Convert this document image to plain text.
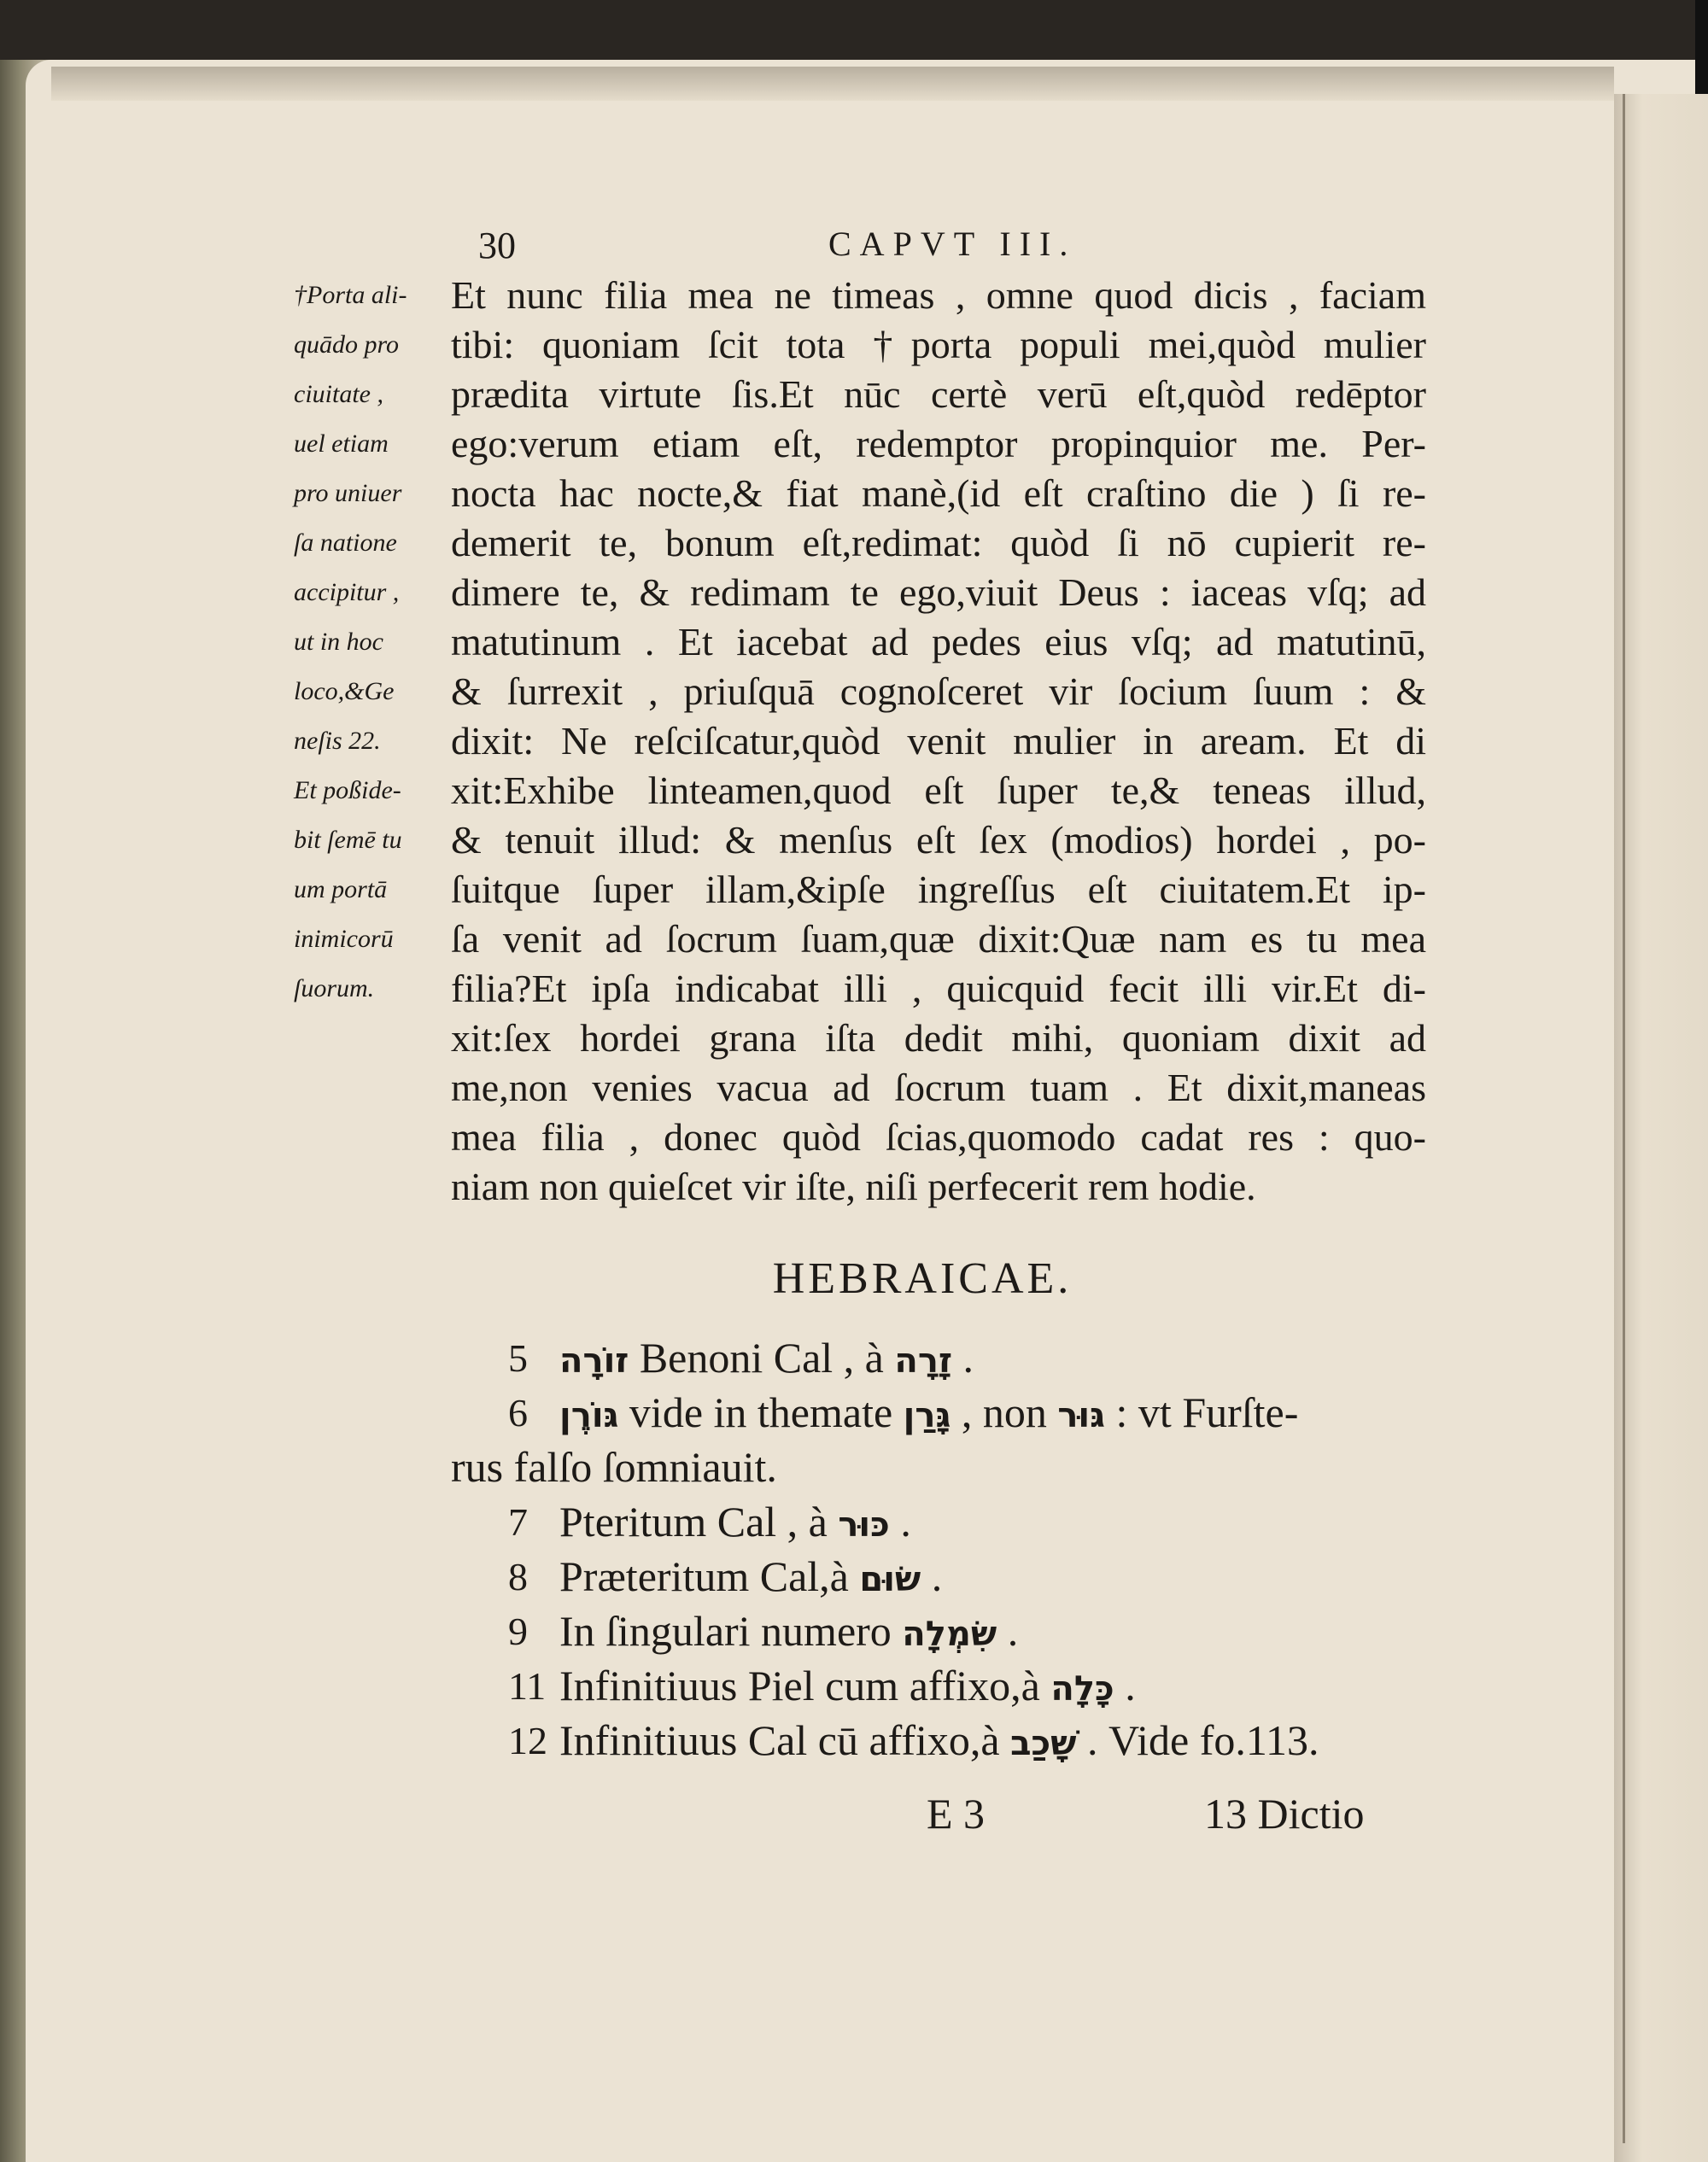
30	CAPVT III.
†Porta ali-
quādo pro
ciuitate ,
uel etiam
pro uniuer
ſa natione
accipitur ,
ut in hoc
loco,&Ge
neſis 22.
Et poßide-
bit ſemē tu
um portā
inimicorū
ſuorum.
Et nunc filia mea ne timeas , omne quod dicis , faciam
tibi: quoniam ſcit tota †porta populi mei,quòd mulier
prædita virtute ſis.Et nūc certè verū eſt,quòd redēptor
ego:verum etiam eſt, redemptor propinquior me. Per-
nocta hac nocte,& fiat manè,(id eſt craſtino die ) ſi re-
demerit te, bonum eſt,redimat: quòd ſi nō cupierit re-
dimere te, & redimam te ego,viuit Deus : iaceas vſq; ad
matutinum . Et iacebat ad pedes eius vſq; ad matutinū,
& ſurrexit , priuſquā cognoſceret vir ſocium ſuum : &
dixit: Ne reſciſcatur,quòd venit mulier in aream. Et di
xit:Exhibe linteamen,quod eſt ſuper te,& teneas illud,
& tenuit illud: & menſus eſt ſex (modios) hordei , po-
ſuitque ſuper illam,&ipſe ingreſſus eſt ciuitatem.Et ip-
ſa venit ad ſocrum ſuam,quæ dixit:Quæ nam es tu mea
filia?Et ipſa indicabat illi , quicquid fecit illi vir.Et di-
xit:ſex hordei grana iſta dedit mihi, quoniam dixit ad
me,non venies vacua ad ſocrum tuam . Et dixit,maneas
mea filia , donec quòd ſcias,quomodo cadat res : quo-
niam non quieſcet vir iſte, niſi perfecerit rem hodie.
HEBRAICAE.
5 זוֹרָה Benoni Cal , à זָרָה .
6 גּוֹרֶן vide in themate גָּרַן , non גּוּר : vt Furſte-
rus falſo ſomniauit.
7 Pteritum Cal , à כּוּר .
8 Præteritum Cal,à שׂוּם .
9 In ſingulari numero שִׂמְלָה .
11 Infinitiuus Piel cum affixo,à כָּלָה .
12 Infinitiuus Cal cū affixo,à שָׁכַב . Vide fo.113.
E 3	13 Dictio
